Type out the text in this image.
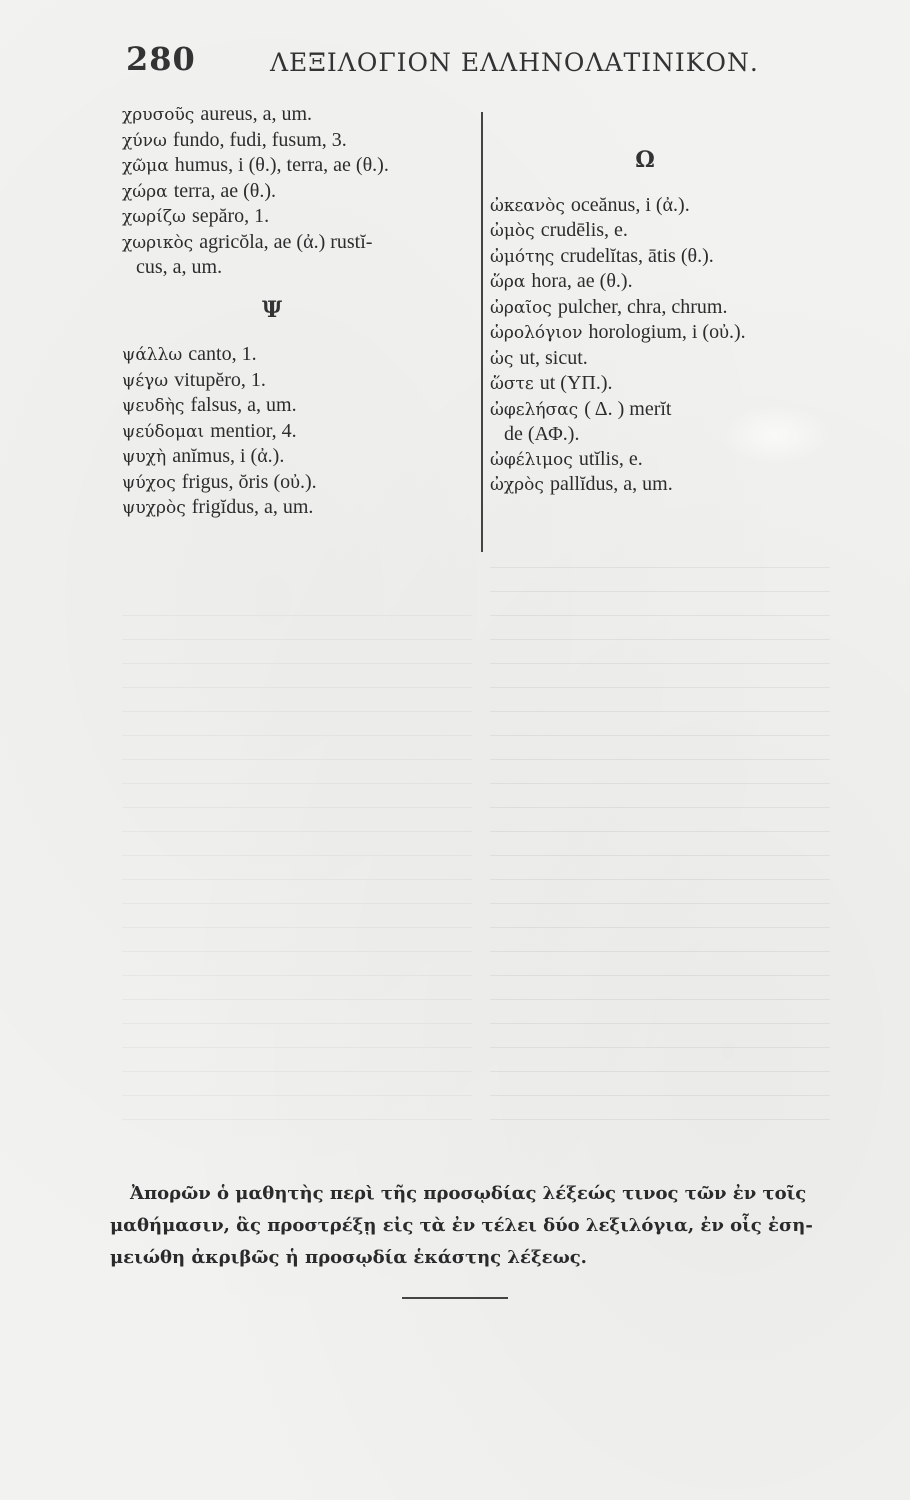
280	ΛΕΞΙΛΟΓΙΟΝ ΕΛΛΗΝΟΛΑΤΙΝΙΚΟΝ.
χρυσοῦς aureus, a, um.
χύνω fundo, fudi, fusum, 3.
χῶμα humus, i (θ.), terra, ae (θ.).
χώρα terra, ae (θ.).
χωρίζω sepăro, 1.
χωρικὸς agricŏla, ae (ἀ.) rustĭ-
cus, a, um.
Ψ
ψάλλω canto, 1.
ψέγω vitupĕro, 1.
ψευδὴς falsus, a, um.
ψεύδομαι mentior, 4.
ψυχὴ anĭmus, i (ἀ.).
ψύχος frigus, ŏris (οὐ.).
ψυχρὸς frigĭdus, a, um.
Ω
ὠκεανὸς oceănus, i (ἀ.).
ὠμὸς crudēlis, e.
ὠμότης crudelĭtas, ātis (θ.).
ὥρα hora, ae (θ.).
ὡραῖος pulcher, chra, chrum.
ὡρολόγιον horologium, i (οὐ.).
ὡς ut, sicut.
ὥστε ut (ΥΠ.).
ὠφελήσας ( Δ. ) merĭt
de (ΑΦ.).
ὠφέλιμος utĭlis, e.
ὠχρὸς pallĭdus, a, um.
Ἀπορῶν ὁ μαθητὴς περὶ τῆς προσῳδίας λέξεώς τινος τῶν ἐν τοῖς
μαθήμασιν, ἃς προστρέξῃ εἰς τὰ ἐν τέλει δύο λεξιλόγια, ἐν οἷς ἐση-
μειώθη ἀκριβῶς ἡ προσῳδία ἑκάστης λέξεως.
